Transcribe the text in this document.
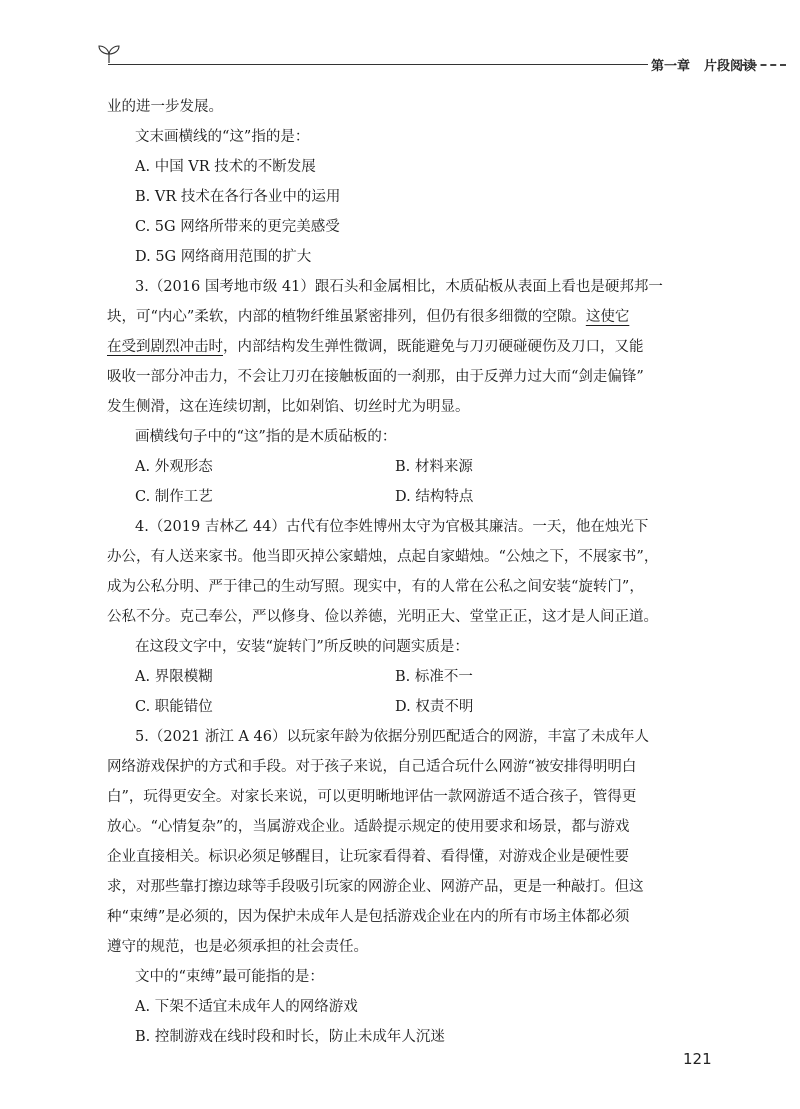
第一章 片段阅读

业的进一步发展。

文末画横线的“这”指的是：

A. 中国 VR 技术的不断发展

B. VR 技术在各行各业中的运用

C. 5G 网络所带来的更完美感受

D. 5G 网络商用范围的扩大

3.（2016 国考地市级 41）跟石头和金属相比，木质砧板从表面上看也是硬邦邦一

块，可“内心”柔软，内部的植物纤维虽紧密排列，但仍有很多细微的空隙。这使它

在受到剧烈冲击时，内部结构发生弹性微调，既能避免与刀刃硬碰硬伤及刀口，又能

吸收一部分冲击力，不会让刀刃在接触板面的一刹那，由于反弹力过大而“剑走偏锋”

发生侧滑，这在连续切割，比如剁馅、切丝时尤为明显。

画横线句子中的“这”指的是木质砧板的：

A. 外观形态	B. 材料来源
C. 制作工艺	D. 结构特点

4.（2019 吉林乙 44）古代有位李姓博州太守为官极其廉洁。一天，他在烛光下

办公，有人送来家书。他当即灭掉公家蜡烛，点起自家蜡烛。“公烛之下，不展家书”，

成为公私分明、严于律己的生动写照。现实中，有的人常在公私之间安装“旋转门”，

公私不分。克己奉公，严以修身、俭以养德，光明正大、堂堂正正，这才是人间正道。

在这段文字中，安装“旋转门”所反映的问题实质是：

A. 界限模糊	B. 标准不一
C. 职能错位	D. 权责不明

5.（2021 浙江 A 46）以玩家年龄为依据分别匹配适合的网游，丰富了未成年人

网络游戏保护的方式和手段。对于孩子来说，自己适合玩什么网游“被安排得明明白

白”，玩得更安全。对家长来说，可以更明晰地评估一款网游适不适合孩子，管得更

放心。“心情复杂”的，当属游戏企业。适龄提示规定的使用要求和场景，都与游戏

企业直接相关。标识必须足够醒目，让玩家看得着、看得懂，对游戏企业是硬性要

求，对那些靠打擦边球等手段吸引玩家的网游企业、网游产品，更是一种敲打。但这

种“束缚”是必须的，因为保护未成年人是包括游戏企业在内的所有市场主体都必须

遵守的规范，也是必须承担的社会责任。

文中的“束缚”最可能指的是：

A. 下架不适宜未成年人的网络游戏

B. 控制游戏在线时段和时长，防止未成年人沉迷

121
